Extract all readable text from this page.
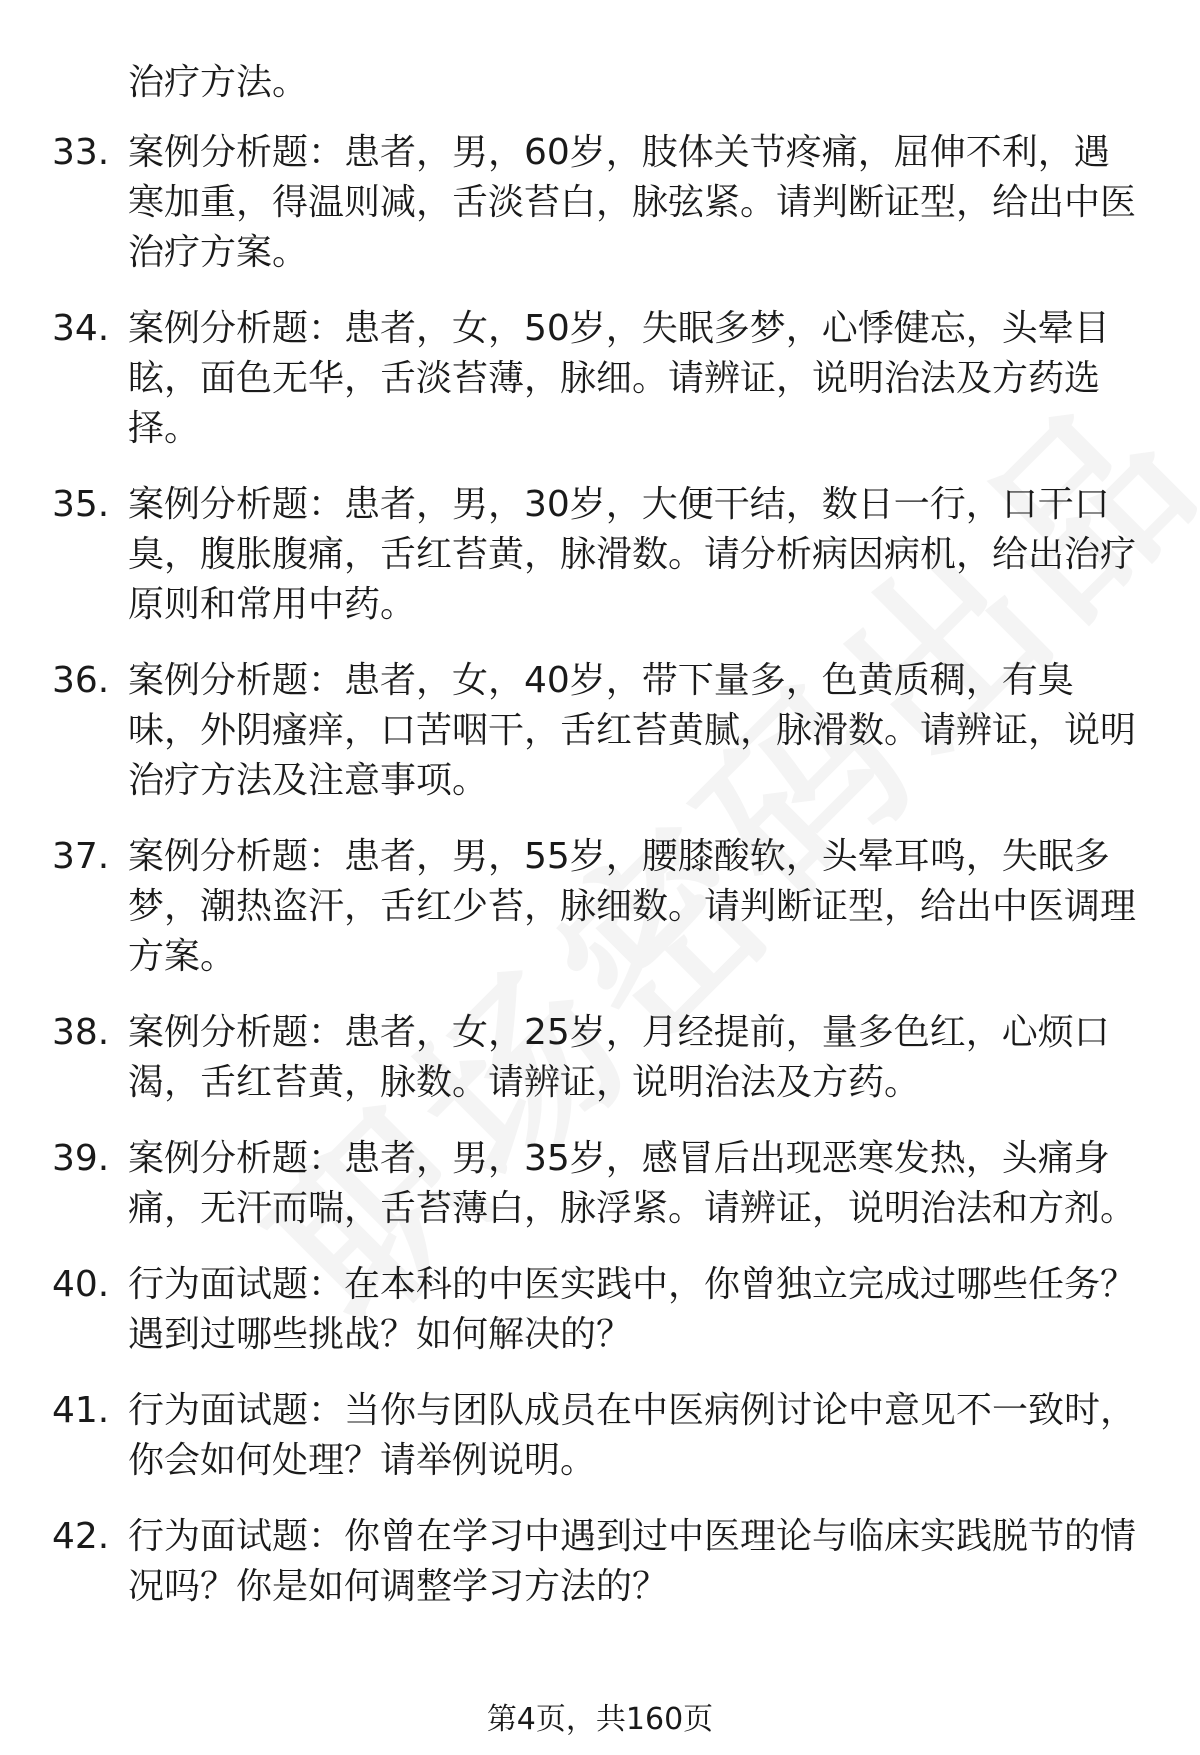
治疗方法。
33. 案例分析题：患者，男，60岁，肢体关节疼痛，屈伸不利，遇寒加重，得温则减，舌淡苔白，脉弦紧。请判断证型，给出中医治疗方案。
34. 案例分析题：患者，女，50岁，失眠多梦，心悸健忘，头晕目眩，面色无华，舌淡苔薄，脉细。请辨证，说明治法及方药选择。
35. 案例分析题：患者，男，30岁，大便干结，数日一行，口干口臭，腹胀腹痛，舌红苔黄，脉滑数。请分析病因病机，给出治疗原则和常用中药。
36. 案例分析题：患者，女，40岁，带下量多，色黄质稠，有臭味，外阴瘙痒，口苦咽干，舌红苔黄腻，脉滑数。请辨证，说明治疗方法及注意事项。
37. 案例分析题：患者，男，55岁，腰膝酸软，头晕耳鸣，失眠多梦，潮热盗汗，舌红少苔，脉细数。请判断证型，给出中医调理方案。
38. 案例分析题：患者，女，25岁，月经提前，量多色红，心烦口渴，舌红苔黄，脉数。请辨证，说明治法及方药。
39. 案例分析题：患者，男，35岁，感冒后出现恶寒发热，头痛身痛，无汗而喘，舌苔薄白，脉浮紧。请辨证，说明治法和方剂。
40. 行为面试题：在本科的中医实践中，你曾独立完成过哪些任务？遇到过哪些挑战？如何解决的？
41. 行为面试题：当你与团队成员在中医病例讨论中意见不一致时，你会如何处理？请举例说明。
42. 行为面试题：你曾在学习中遇到过中医理论与临床实践脱节的情况吗？你是如何调整学习方法的？
第4页，共160页
